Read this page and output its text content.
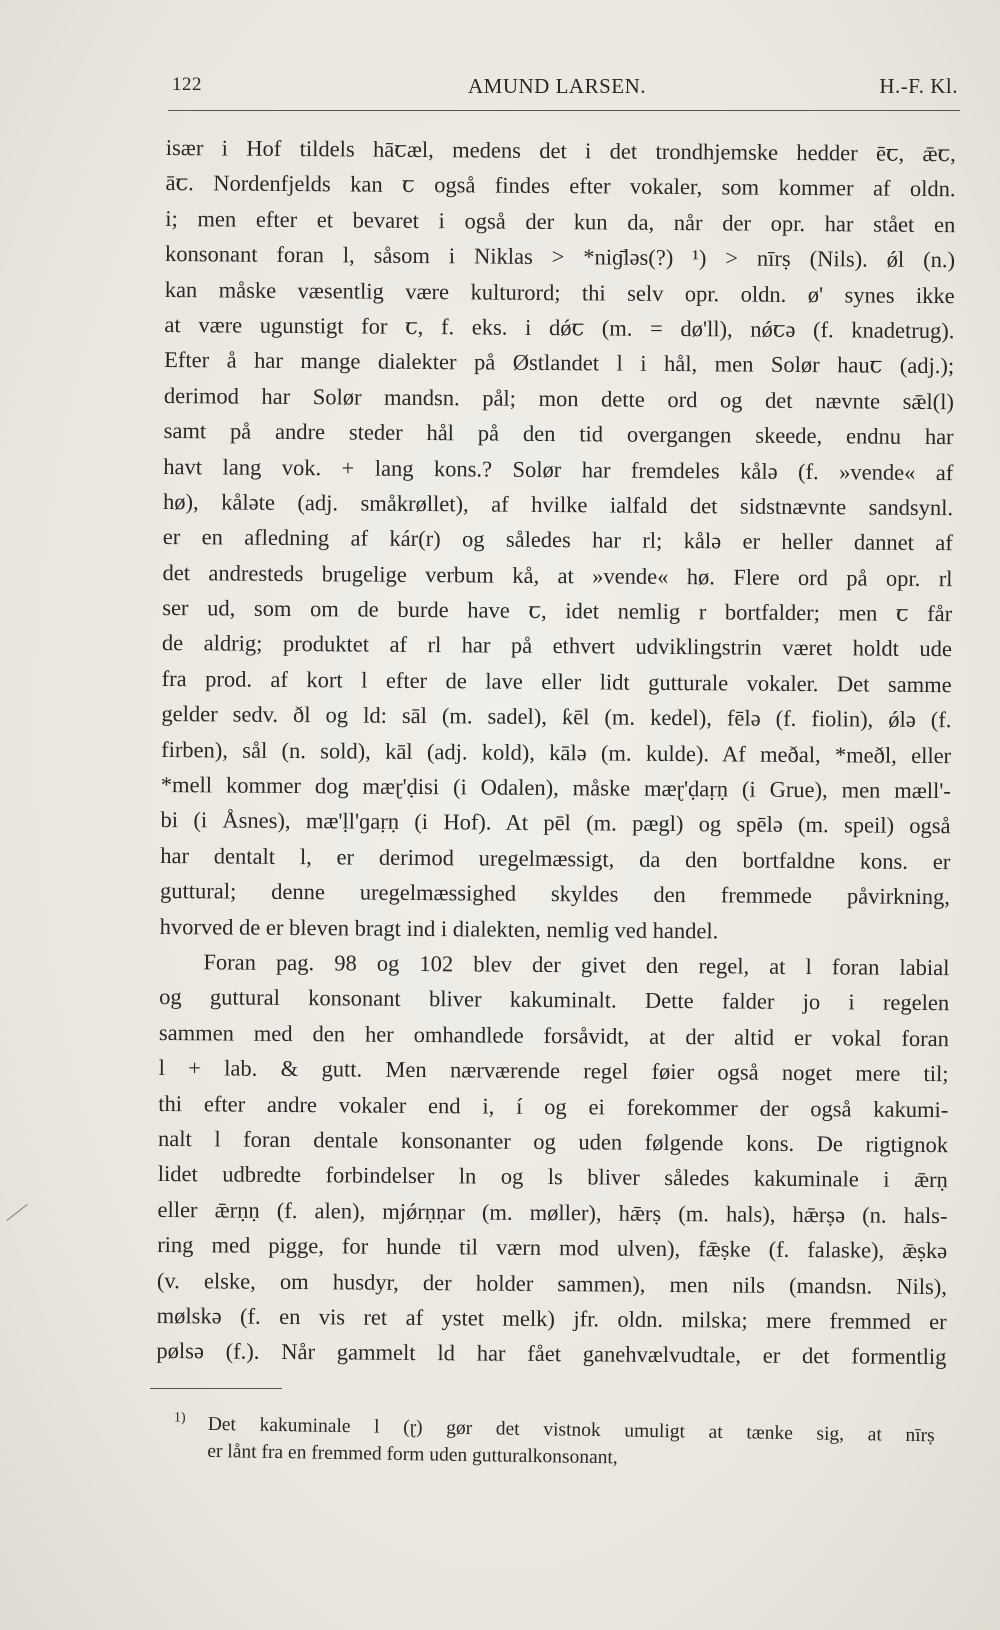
122	AMUND LARSEN.	H.-F. Kl.
især i Hof tildels hāꞇæl, medens det i det trondhjemske hedder ēꞇ, ǣꞇ,
āꞇ. Nordenfjelds kan ꞇ også findes efter vokaler, som kommer af oldn.
i; men efter et bevaret i også der kun da, når der opr. har stået en
konsonant foran l, såsom i Niklas > *niɡ̄ləs(?) ¹) > nīrṣ (Nils). ǿl (n.)
kan måske væsentlig være kulturord; thi selv opr. oldn. ø' synes ikke
at være ugunstigt for ꞇ, f. eks. i dǿꞇ (m. = dø'll), nǿꞇə (f. knadetrug).
Efter å har mange dialekter på Østlandet l i hål, men Solør hauꞇ (adj.);
derimod har Solør mandsn. pål; mon dette ord og det nævnte sǣl(l)
samt på andre steder hål på den tid overgangen skeede, endnu har
havt lang vok. + lang kons.? Solør har fremdeles kålə (f. »vende« af
hø), kålǝte (adj. småkrøllet), af hvilke ialfald det sidstnævnte sandsynl.
er en afledning af kár(r) og således har rl; kålə er heller dannet af
det andresteds brugelige verbum kå, at »vende« hø. Flere ord på opr. rl
ser ud, som om de burde have ꞇ, idet nemlig r bortfalder; men ꞇ får
de aldrig; produktet af rl har på ethvert udviklingstrin været holdt ude
fra prod. af kort l efter de lave eller lidt gutturale vokaler. Det samme
gelder sedv. ðl og ld: sāl (m. sadel), ƙēl (m. kedel), fēlə (f. fiolin), ǿlə (f.
firben), sål (n. sold), kāl (adj. kold), kālə (m. kulde). Af meðal, *meðl, eller
*mell kommer dog mæɽ'ḍisi (i Odalen), måske mæɽ'ḍaṛṇ (i Grue), men mæll'-
bi (i Åsnes), mæ'ḷl'ɡaṛṇ (i Hof). At pēl (m. pægl) og spēlə (m. speil) også
har dentalt l, er derimod uregelmæssigt, da den bortfaldne kons. er
guttural; denne uregelmæssighed skyldes den fremmede påvirkning,
hvorved de er bleven bragt ind i dialekten, nemlig ved handel.
Foran pag. 98 og 102 blev der givet den regel, at l foran labial
og guttural konsonant bliver kakuminalt. Dette falder jo i regelen
sammen med den her omhandlede forsåvidt, at der altid er vokal foran
l + lab. & gutt. Men nærværende regel føier også noget mere til;
thi efter andre vokaler end i, í og ei forekommer der også kakumi-
nalt l foran dentale konsonanter og uden følgende kons. De rigtignok
lidet udbredte forbindelser ln og ls bliver således kakuminale i ǣrṇ
eller ǣrṇṇ (f. alen), mjǿrṇṇar (m. møller), hǣrṣ (m. hals), hǣrṣə (n. hals-
ring med pigge, for hunde til værn mod ulven), fǣṣke (f. falaske), ǣṣkə
(v. elske, om husdyr, der holder sammen), men nils (mandsn. Nils),
mølskə (f. en vis ret af ystet melk) jfr. oldn. milska; mere fremmed er
pølsə (f.). Når gammelt ld har fået ganehvælvudtale, er det formentlig
1) Det kakuminale l (ɽ) gør det vistnok umuligt at tænke sig, at nīrṣ
er lånt fra en fremmed form uden gutturalkonsonant,
